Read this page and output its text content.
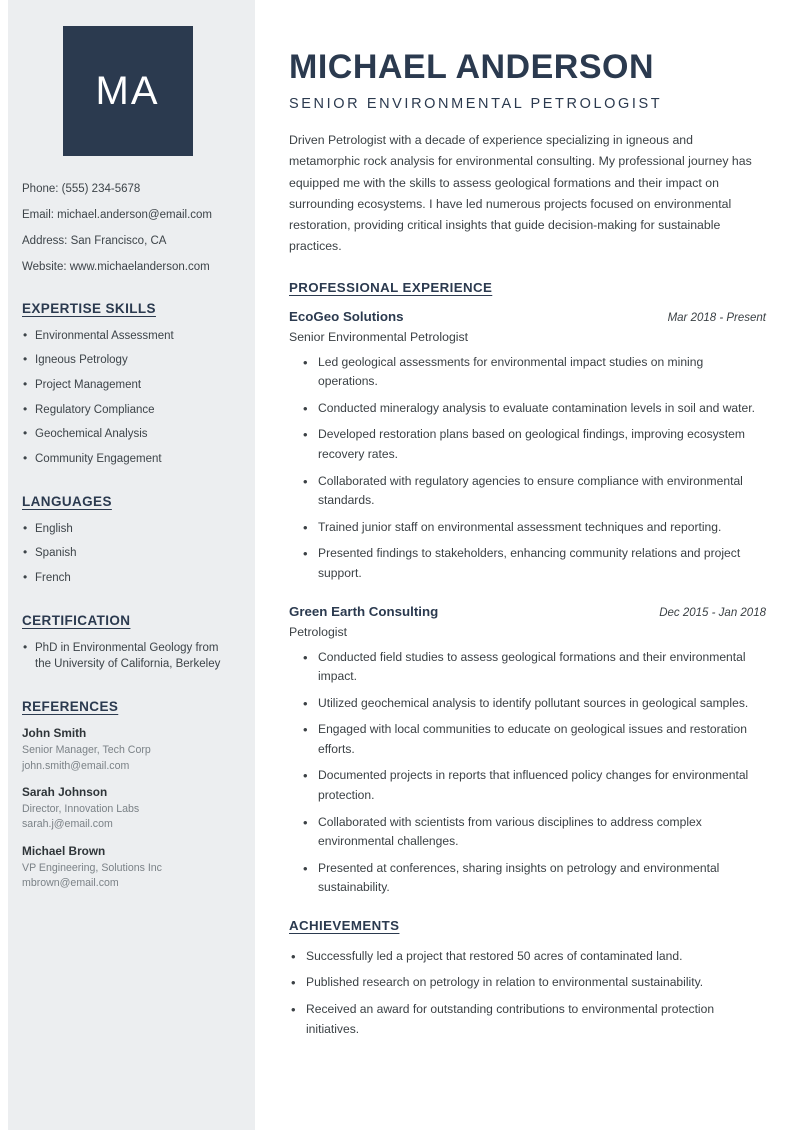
MA
Phone: (555) 234-5678
Email: michael.anderson@email.com
Address: San Francisco, CA
Website: www.michaelanderson.com
EXPERTISE SKILLS
• Environmental Assessment
• Igneous Petrology
• Project Management
• Regulatory Compliance
• Geochemical Analysis
• Community Engagement
LANGUAGES
• English
• Spanish
• French
CERTIFICATION
• PhD in Environmental Geology from the University of California, Berkeley
REFERENCES
John Smith
Senior Manager, Tech Corp
john.smith@email.com
Sarah Johnson
Director, Innovation Labs
sarah.j@email.com
Michael Brown
VP Engineering, Solutions Inc
mbrown@email.com
MICHAEL ANDERSON
SENIOR ENVIRONMENTAL PETROLOGIST

Driven Petrologist with a decade of experience specializing in igneous and metamorphic rock analysis for environmental consulting. My professional journey has equipped me with the skills to assess geological formations and their impact on surrounding ecosystems. I have led numerous projects focused on environmental restoration, providing critical insights that guide decision-making for sustainable practices.

PROFESSIONAL EXPERIENCE
EcoGeo Solutions	Mar 2018 - Present
Senior Environmental Petrologist
• Led geological assessments for environmental impact studies on mining operations.
• Conducted mineralogy analysis to evaluate contamination levels in soil and water.
• Developed restoration plans based on geological findings, improving ecosystem recovery rates.
• Collaborated with regulatory agencies to ensure compliance with environmental standards.
• Trained junior staff on environmental assessment techniques and reporting.
• Presented findings to stakeholders, enhancing community relations and project support.
Green Earth Consulting	Dec 2015 - Jan 2018
Petrologist
• Conducted field studies to assess geological formations and their environmental impact.
• Utilized geochemical analysis to identify pollutant sources in geological samples.
• Engaged with local communities to educate on geological issues and restoration efforts.
• Documented projects in reports that influenced policy changes for environmental protection.
• Collaborated with scientists from various disciplines to address complex environmental challenges.
• Presented at conferences, sharing insights on petrology and environmental sustainability.
ACHIEVEMENTS
• Successfully led a project that restored 50 acres of contaminated land.
• Published research on petrology in relation to environmental sustainability.
• Received an award for outstanding contributions to environmental protection initiatives.
